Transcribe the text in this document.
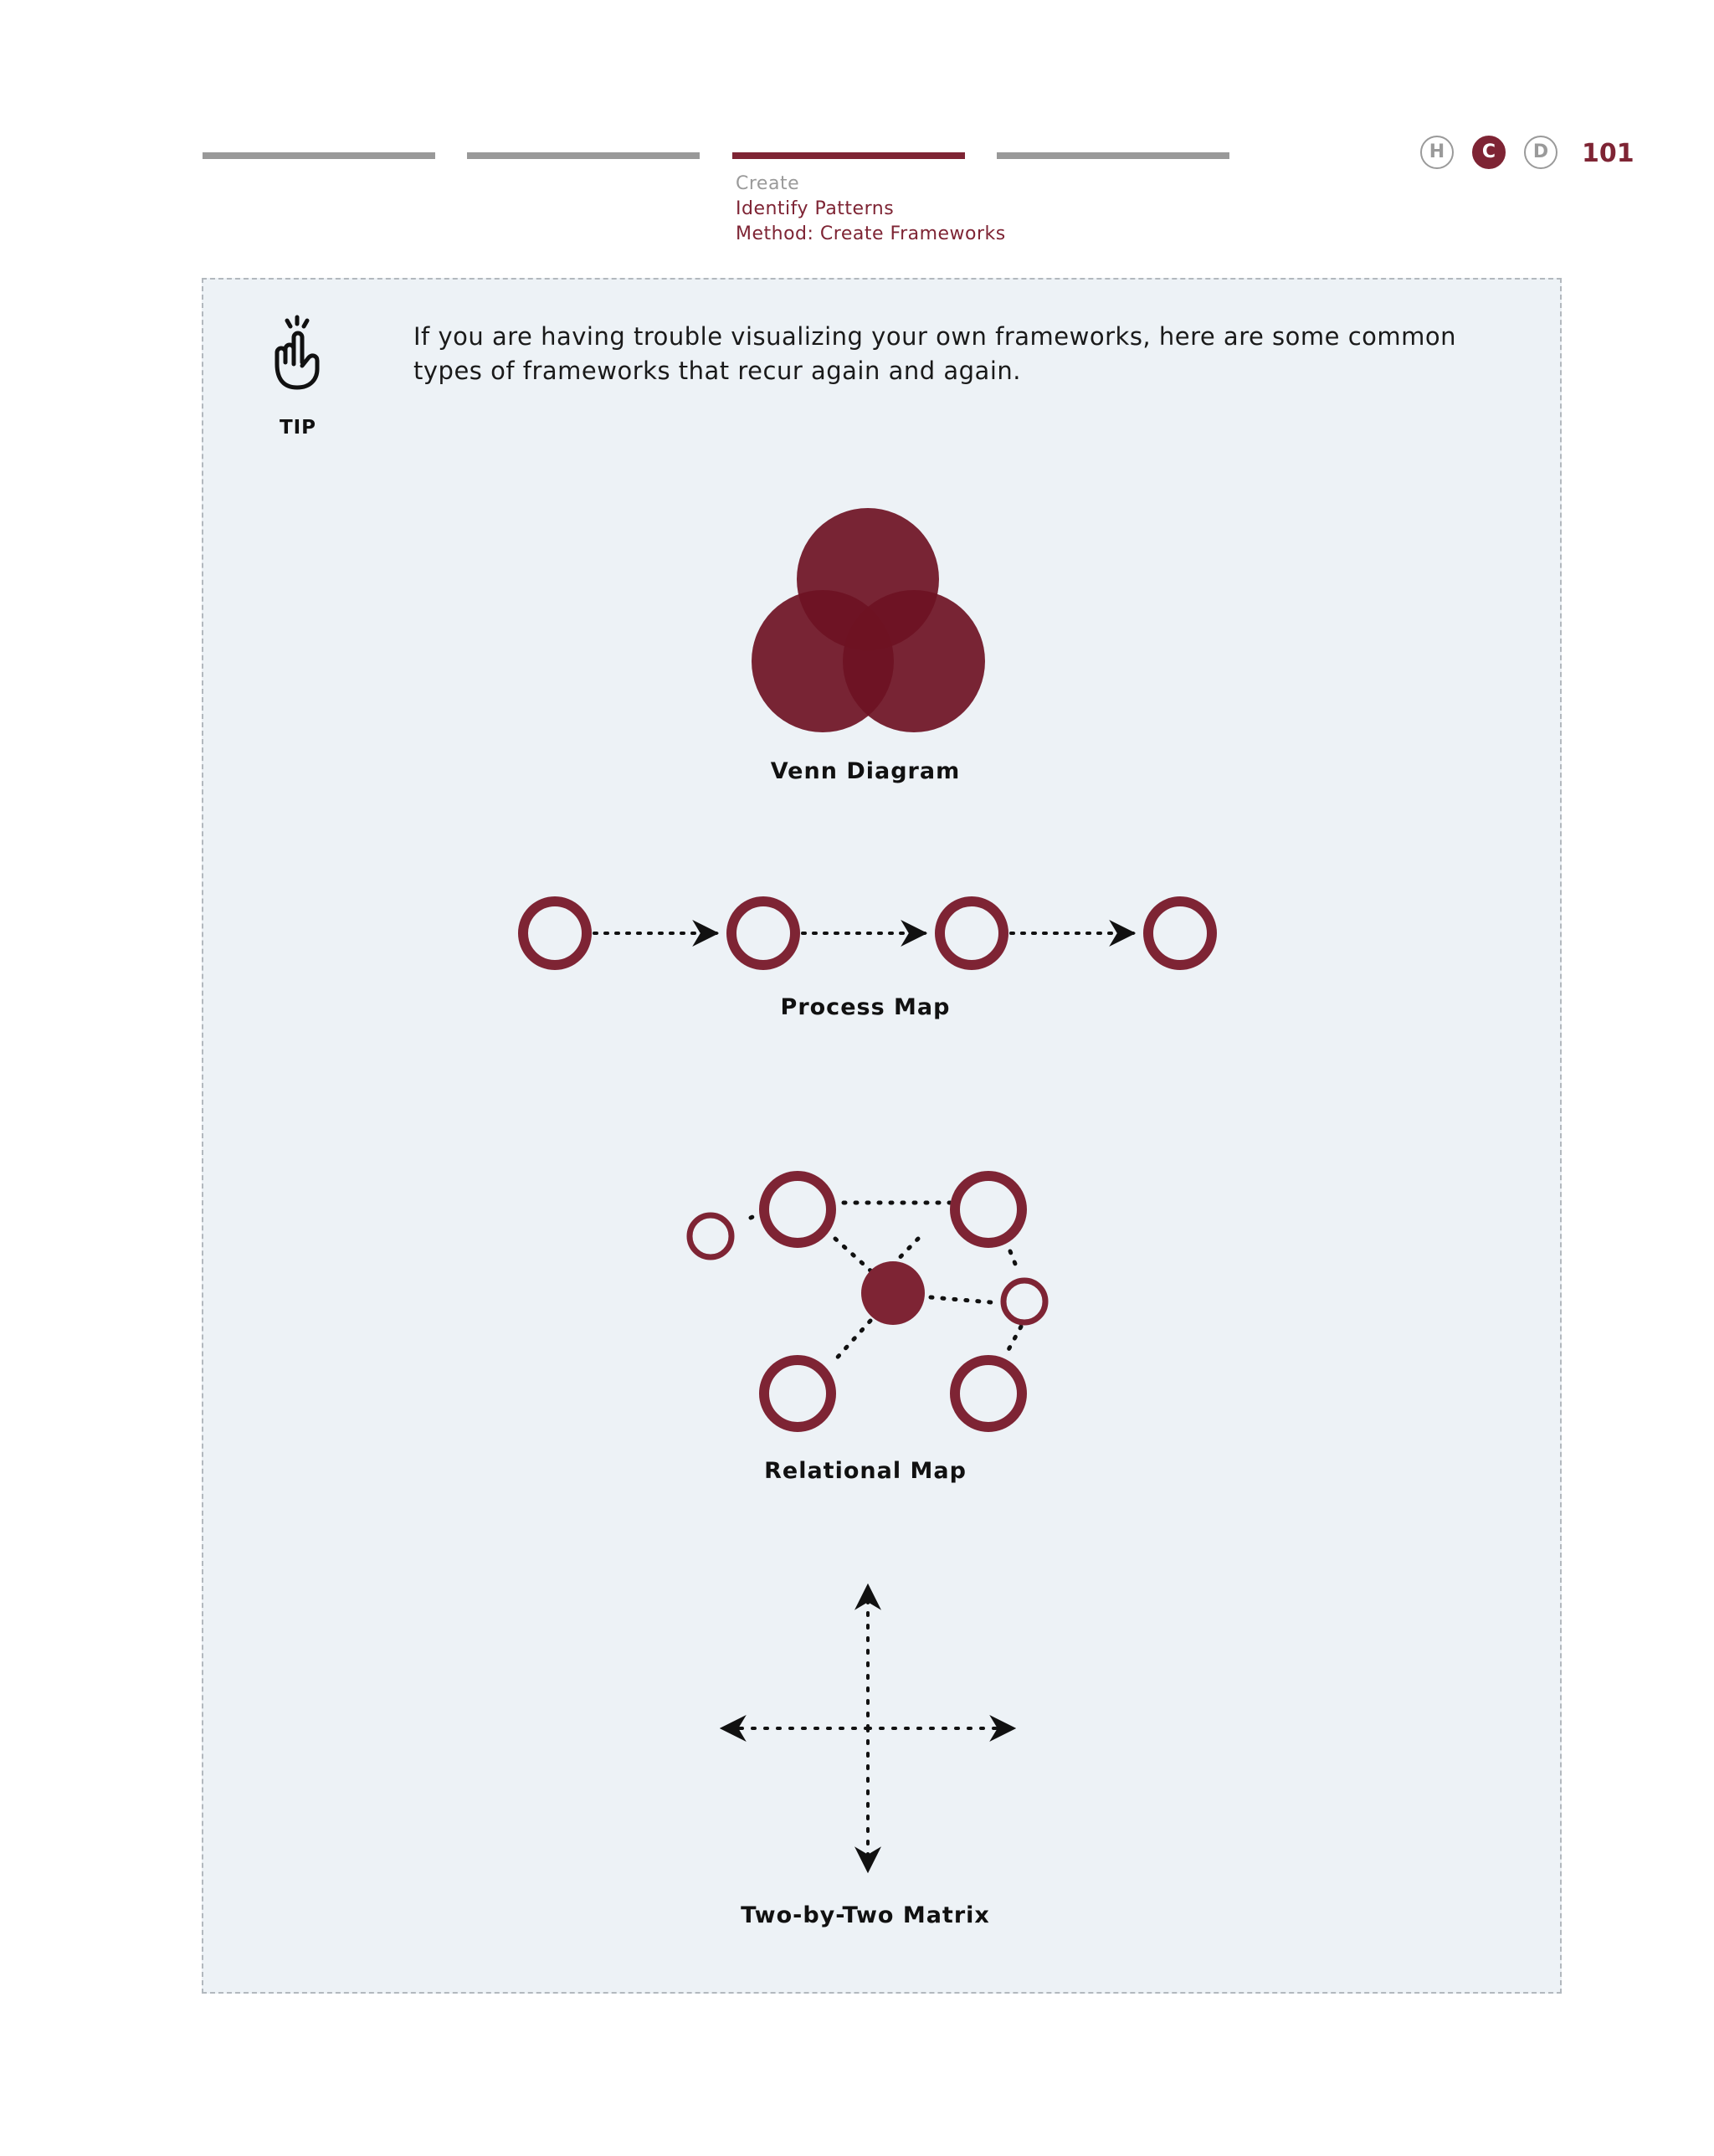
Create

Identify Patterns

Method: Create Frameworks

H	C	D	101
TIP

If you are having trouble visualizing your own frameworks, here are some common types of frameworks that recur again and again.

Venn Diagram
Process Map
Relational Map
Two-by-Two Matrix
